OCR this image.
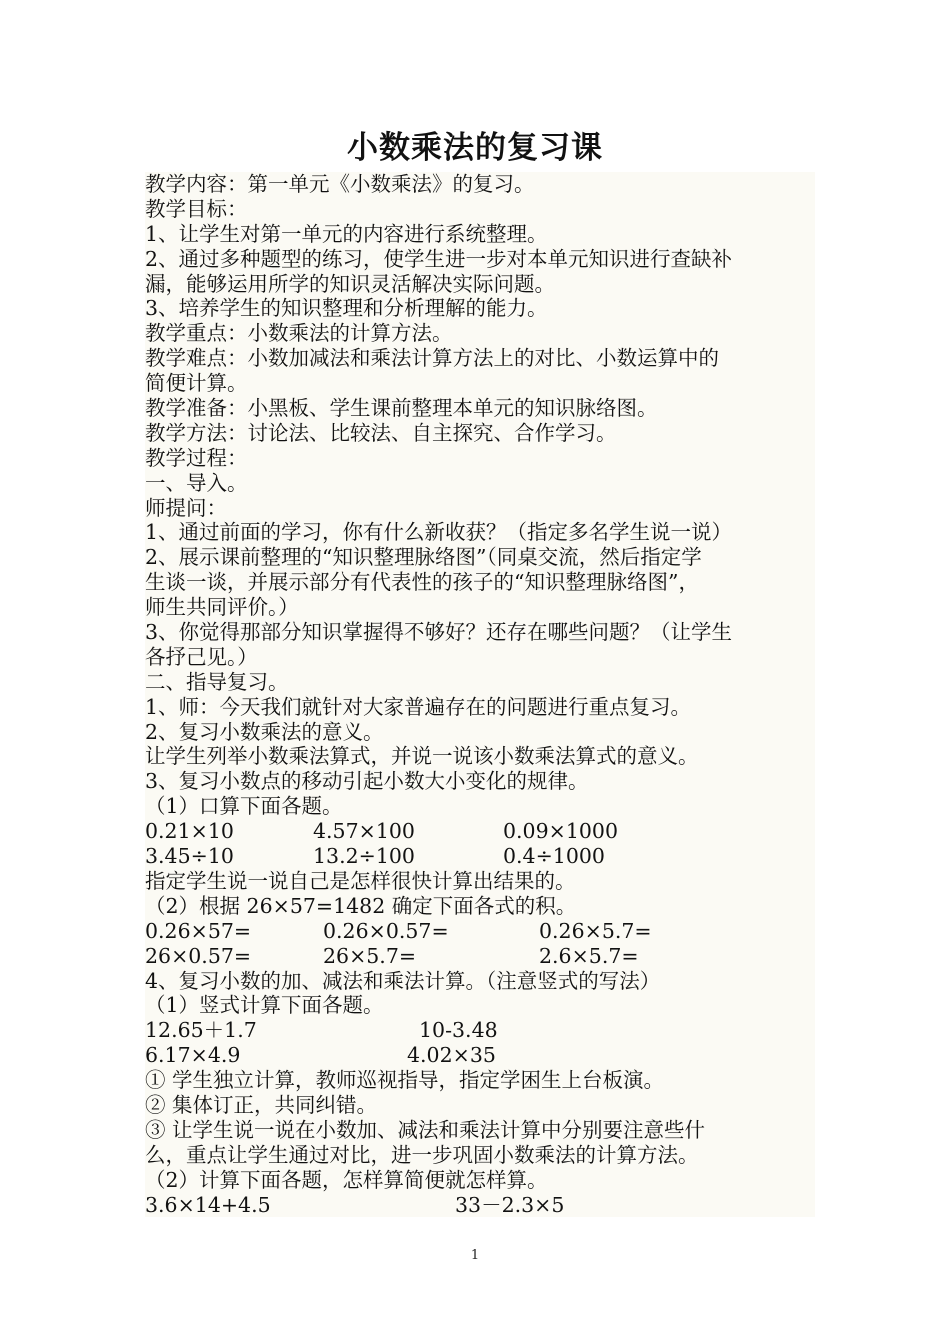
小数乘法的复习课
教学内容：第一单元《小数乘法》的复习。
教学目标：
1、让学生对第一单元的内容进行系统整理。
2、通过多种题型的练习，使学生进一步对本单元知识进行查缺补
漏，能够运用所学的知识灵活解决实际问题。
3、培养学生的知识整理和分析理解的能力。
教学重点：小数乘法的计算方法。
教学难点：小数加减法和乘法计算方法上的对比、小数运算中的
简便计算。
教学准备：小黑板、学生课前整理本单元的知识脉络图。
教学方法：讨论法、比较法、自主探究、合作学习。
教学过程：
一、导入。
师提问：
1、通过前面的学习，你有什么新收获？（指定多名学生说一说）
2、展示课前整理的“知识整理脉络图”（同桌交流，然后指定学
生谈一谈，并展示部分有代表性的孩子的“知识整理脉络图”，
师生共同评价。）
3、你觉得那部分知识掌握得不够好？还存在哪些问题？（让学生
各抒己见。）
二、指导复习。
1、师：今天我们就针对大家普遍存在的问题进行重点复习。
2、复习小数乘法的意义。
让学生列举小数乘法算式，并说一说该小数乘法算式的意义。
3、复习小数点的移动引起小数大小变化的规律。
（1）口算下面各题。
0.21×10	4.57×100	0.09×1000
3.45÷10	13.2÷100	0.4÷1000
指定学生说一说自己是怎样很快计算出结果的。
（2）根据 26×57=1482 确定下面各式的积。
0.26×57=	0.26×0.57=	0.26×5.7=
26×0.57=	26×5.7=	2.6×5.7=
4、复习小数的加、减法和乘法计算。（注意竖式的写法）
（1）竖式计算下面各题。
12.65＋1.7	10-3.48
6.17×4.9	4.02×35
① 学生独立计算，教师巡视指导，指定学困生上台板演。
② 集体订正，共同纠错。
③ 让学生说一说在小数加、减法和乘法计算中分别要注意些什
么，重点让学生通过对比，进一步巩固小数乘法的计算方法。
（2）计算下面各题，怎样算简便就怎样算。
3.6×14+4.5	33－2.3×5
1
